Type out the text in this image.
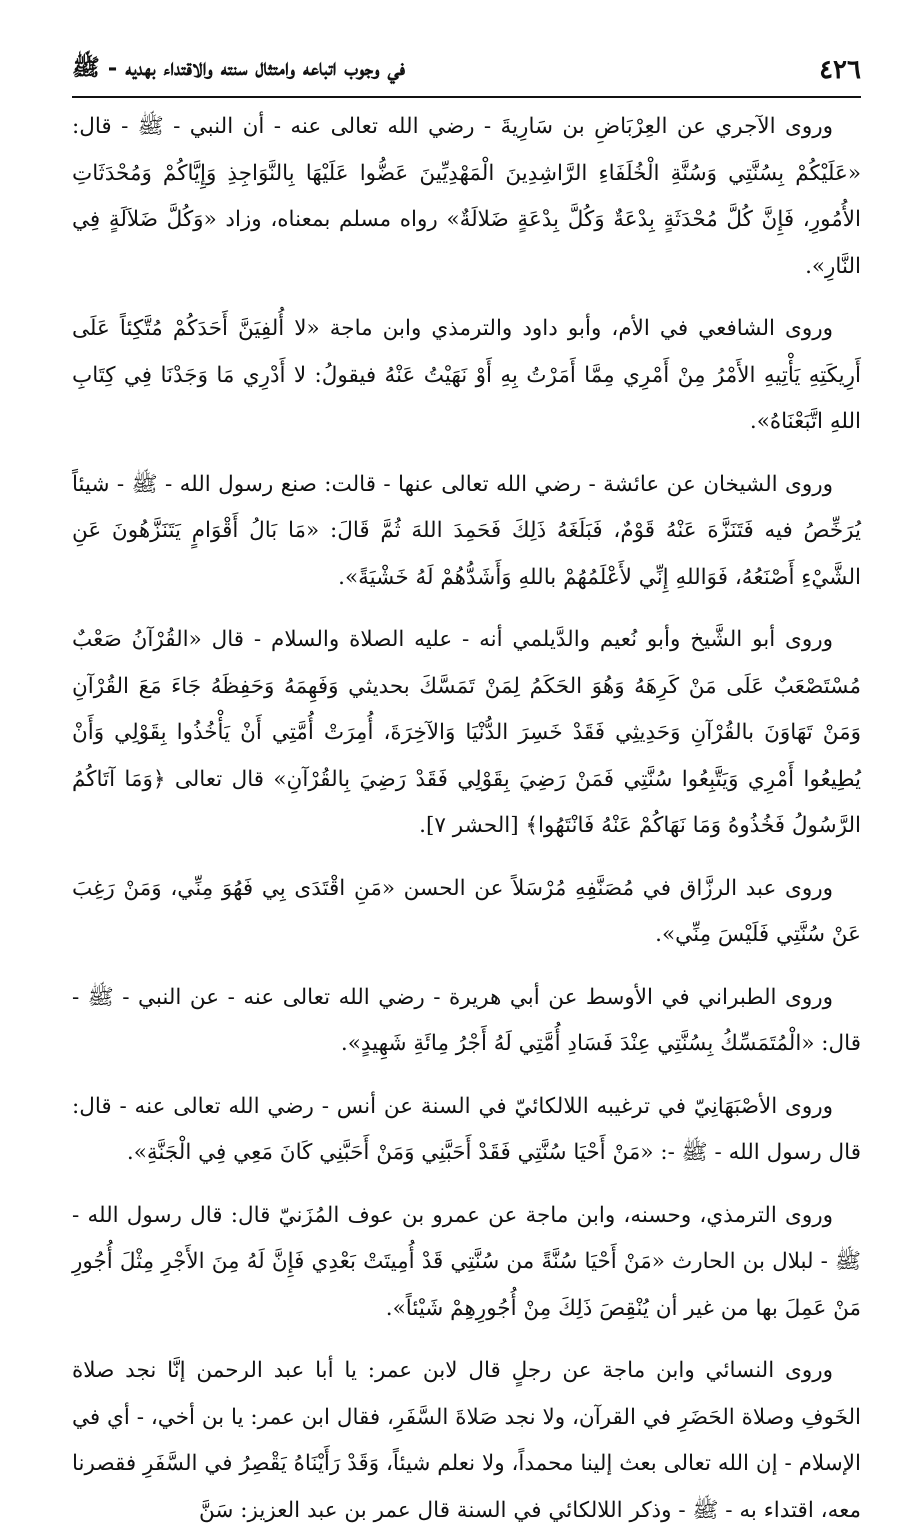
٤٢٦
في وجوب اتباعه وامتثال سنته والاقتداء بهديه - ﷺ

وروى الآجري عن العِرْبَاضِ بن سَارِيةَ - رضي الله تعالى عنه - أن النبي - ﷺ - قال: «عَلَيْكُمْ بِسُنَّتِي وَسُنَّةِ الْخُلَفَاءِ الرَّاشِدِينَ الْمَهْدِيِّينَ عَضُّوا عَلَيْهَا بِالنَّوَاجِذِ وَإِيَّاكُمْ وَمُحْدَثَاتِ الأُمُورِ، فَإِنَّ كُلَّ مُحْدَثَةٍ بِدْعَةٌ وَكُلَّ بِدْعَةٍ ضَلالَةٌ» رواه مسلم بمعناه، وزاد «وَكُلَّ ضَلاَلَةٍ فِي النَّارِ».

وروى الشافعي في الأم، وأبو داود والترمذي وابن ماجة «لا أُلفِيَنَّ أَحَدَكُمْ مُتَّكِئاً عَلَى أَرِيكَتِهِ يَأْتِيهِ الأَمْرُ مِنْ أَمْرِي مِمَّا أَمَرْتُ بِهِ أَوْ نَهَيْتُ عَنْهُ فيقولُ: لا أَدْرِي مَا وَجَدْنَا فِي كِتَابِ اللهِ اتَّبَعْنَاهُ».

وروى الشيخان عن عائشة - رضي الله تعالى عنها - قالت: صنع رسول الله - ﷺ - شيئاً يُرَخِّصُ فيه فَتَنَزَّهَ عَنْهُ قَوْمٌ، فَبَلَغَهُ ذَلِكَ فَحَمِدَ اللهَ ثُمَّ قَالَ: «مَا بَالُ أَقْوَامٍ يَتَنَزَّهُونَ عَنِ الشَّيْءِ أَصْنَعُهُ، فَوَاللهِ إِنِّي لأَعْلَمُهُمْ باللهِ وَأَشَدُّهُمْ لَهُ خَشْيَةً».

وروى أبو الشَّيخ وأبو نُعيم والدَّيلمي أنه - عليه الصلاة والسلام - قال «القُرْآنُ صَعْبٌ مُسْتَصْعَبٌ عَلَى مَنْ كَرِهَهُ وَهُوَ الحَكَمُ لِمَنْ تَمَسَّكَ بحديثي وَفَهِمَهُ وَحَفِظَهُ جَاءَ مَعَ القُرْآنِ وَمَنْ تَهَاوَنَ بالقُرْآنِ وَحَدِيثِي فَقَدْ خَسِرَ الدُّنْيَا وَالآخِرَةَ، أُمِرَتْ أُمَّتِي أَنْ يَأْخُذُوا بِقَوْلِي وَأَنْ يُطِيعُوا أَمْرِي وَيَتَّبِعُوا سُنَّتِي فَمَنْ رَضِيَ بِقَوْلِي فَقَدْ رَضِيَ بِالقُرْآنِ» قال تعالى ﴿وَمَا آتَاكُمُ الرَّسُولُ فَخُذُوهُ وَمَا نَهَاكُمْ عَنْهُ فَانْتَهُوا﴾ [الحشر ٧].

وروى عبد الرزَّاق في مُصَنَّفِهِ مُرْسَلاً عن الحسن «مَنِ اقْتَدَى بِي فَهُوَ مِنِّي، وَمَنْ رَغِبَ عَنْ سُنَّتِي فَلَيْسَ مِنِّي».

وروى الطبراني في الأوسط عن أبي هريرة - رضي الله تعالى عنه - عن النبي - ﷺ - قال: «الْمُتَمَسِّكُ بِسُنَّتِي عِنْدَ فَسَادِ أُمَّتِي لَهُ أَجْرُ مِائَةِ شَهِيدٍ».

وروى الأصْبَهَانِيّ في ترغيبه اللالكائيّ في السنة عن أنس - رضي الله تعالى عنه - قال: قال رسول الله - ﷺ -: «مَنْ أَحْيَا سُنَّتِي فَقَدْ أَحَبَّنِي وَمَنْ أَحَبَّنِي كَانَ مَعِي فِي الْجَنَّةِ».

وروى الترمذي، وحسنه، وابن ماجة عن عمرو بن عوف المُزَنيّ قال: قال رسول الله - ﷺ - لبلال بن الحارث «مَنْ أَحْيَا سُنَّةً من سُنَّتِي قَدْ أُمِيتَتْ بَعْدِي فَإِنَّ لَهُ مِنَ الأَجْرِ مِثْلَ أُجُورِ مَنْ عَمِلَ بها من غير أن يُنْقِصَ ذَلِكَ مِنْ أُجُورِهِمْ شَيْئاً».

وروى النسائي وابن ماجة عن رجلٍ قال لابن عمر: يا أبا عبد الرحمن إنَّا نجد صلاة الخَوفِ وصلاة الحَضَرِ في القرآن، ولا نجد صَلاةَ السَّفَرِ، فقال ابن عمر: يا بن أخي، - أي في الإسلام - إن الله تعالى بعث إلينا محمداً، ولا نعلم شيئاً، وَقَدْ رَأَيْنَاهُ يَقْصِرُ في السَّفَرِ فقصرنا معه، اقتداء به - ﷺ - وذكر اللالكائي في السنة قال عمر بن عبد العزيز: سَنَّ
